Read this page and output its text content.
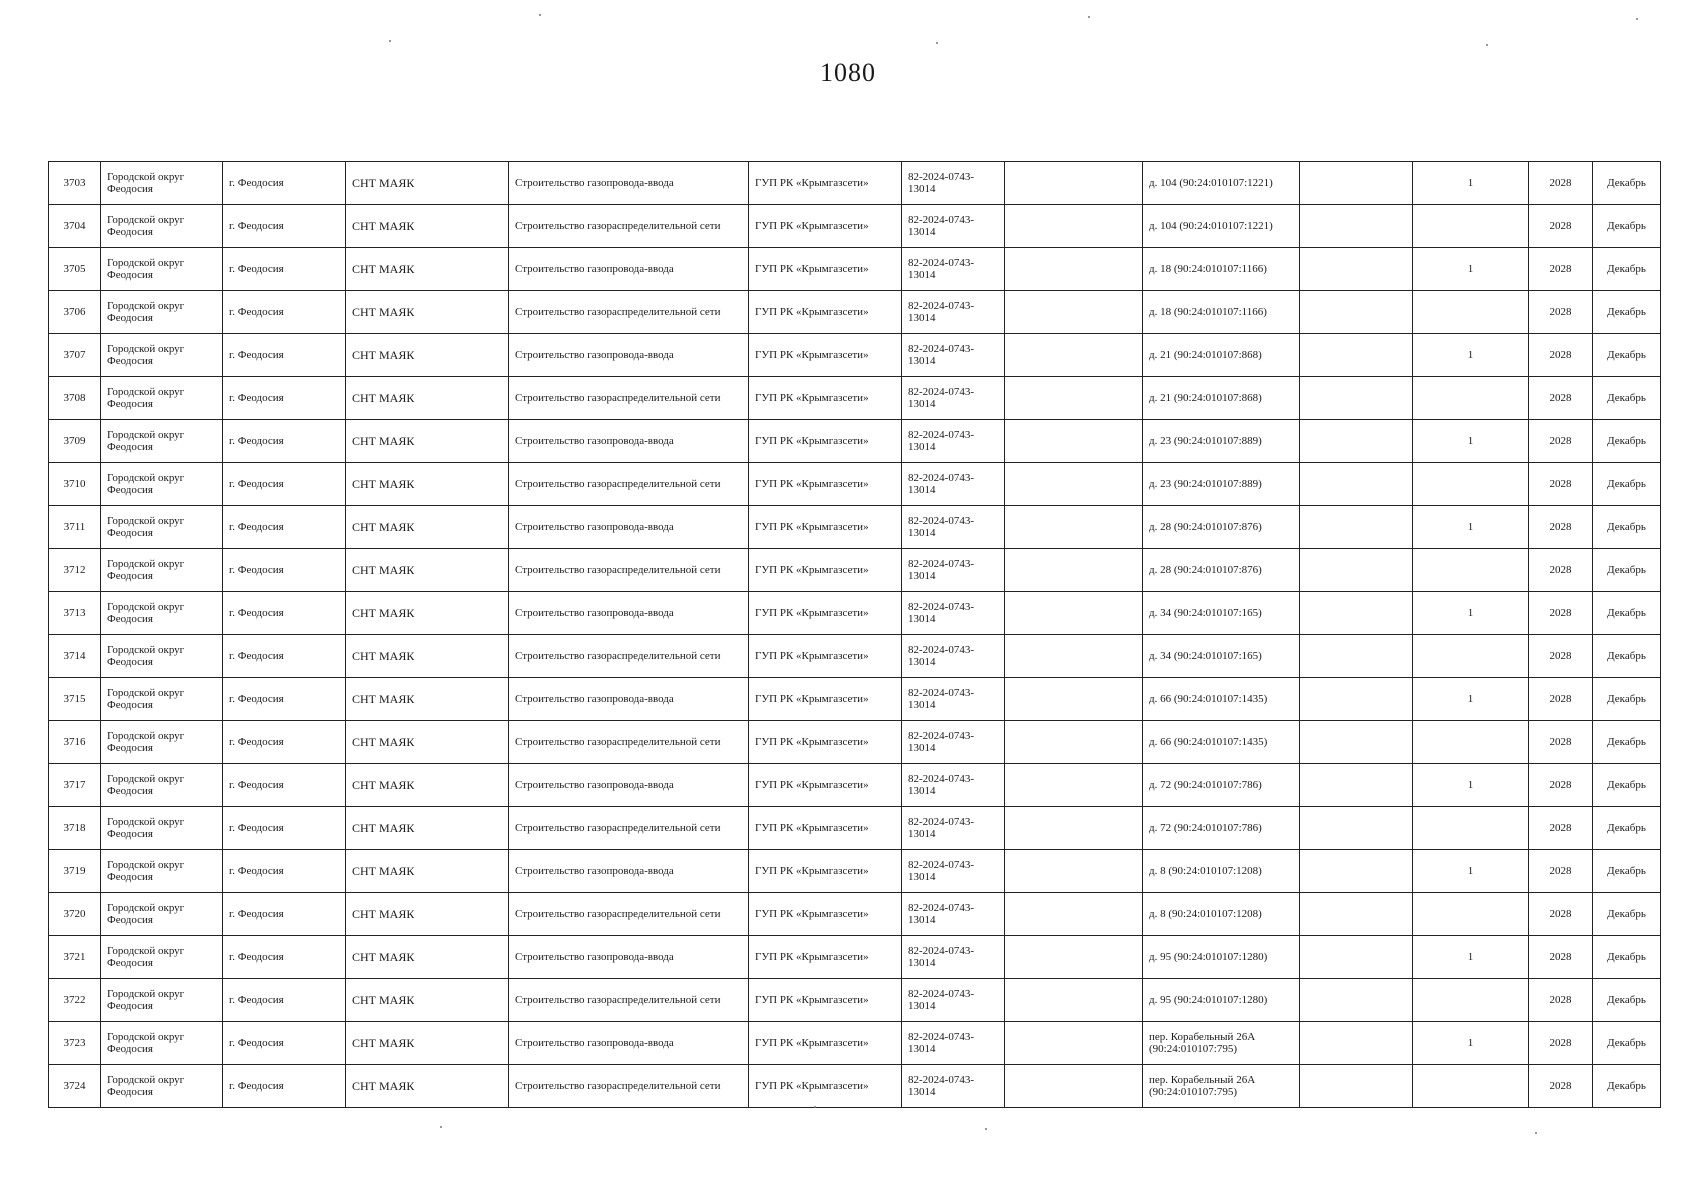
1080
3703	Городской округ Феодосия	г. Феодосия	СНТ МАЯК	Строительство газопровода-ввода	ГУП РК «Крымгазсети»	82-2024-0743-13014		д. 104 (90:24:010107:1221)		1	2028	Декабрь
3704	Городской округ Феодосия	г. Феодосия	СНТ МАЯК	Строительство газораспределительной сети	ГУП РК «Крымгазсети»	82-2024-0743-13014		д. 104 (90:24:010107:1221)			2028	Декабрь
3705	Городской округ Феодосия	г. Феодосия	СНТ МАЯК	Строительство газопровода-ввода	ГУП РК «Крымгазсети»	82-2024-0743-13014		д. 18 (90:24:010107:1166)		1	2028	Декабрь
3706	Городской округ Феодосия	г. Феодосия	СНТ МАЯК	Строительство газораспределительной сети	ГУП РК «Крымгазсети»	82-2024-0743-13014		д. 18 (90:24:010107:1166)			2028	Декабрь
3707	Городской округ Феодосия	г. Феодосия	СНТ МАЯК	Строительство газопровода-ввода	ГУП РК «Крымгазсети»	82-2024-0743-13014		д. 21 (90:24:010107:868)		1	2028	Декабрь
3708	Городской округ Феодосия	г. Феодосия	СНТ МАЯК	Строительство газораспределительной сети	ГУП РК «Крымгазсети»	82-2024-0743-13014		д. 21 (90:24:010107:868)			2028	Декабрь
3709	Городской округ Феодосия	г. Феодосия	СНТ МАЯК	Строительство газопровода-ввода	ГУП РК «Крымгазсети»	82-2024-0743-13014		д. 23 (90:24:010107:889)		1	2028	Декабрь
3710	Городской округ Феодосия	г. Феодосия	СНТ МАЯК	Строительство газораспределительной сети	ГУП РК «Крымгазсети»	82-2024-0743-13014		д. 23 (90:24:010107:889)			2028	Декабрь
3711	Городской округ Феодосия	г. Феодосия	СНТ МАЯК	Строительство газопровода-ввода	ГУП РК «Крымгазсети»	82-2024-0743-13014		д. 28 (90:24:010107:876)		1	2028	Декабрь
3712	Городской округ Феодосия	г. Феодосия	СНТ МАЯК	Строительство газораспределительной сети	ГУП РК «Крымгазсети»	82-2024-0743-13014		д. 28 (90:24:010107:876)			2028	Декабрь
3713	Городской округ Феодосия	г. Феодосия	СНТ МАЯК	Строительство газопровода-ввода	ГУП РК «Крымгазсети»	82-2024-0743-13014		д. 34 (90:24:010107:165)		1	2028	Декабрь
3714	Городской округ Феодосия	г. Феодосия	СНТ МАЯК	Строительство газораспределительной сети	ГУП РК «Крымгазсети»	82-2024-0743-13014		д. 34 (90:24:010107:165)			2028	Декабрь
3715	Городской округ Феодосия	г. Феодосия	СНТ МАЯК	Строительство газопровода-ввода	ГУП РК «Крымгазсети»	82-2024-0743-13014		д. 66 (90:24:010107:1435)		1	2028	Декабрь
3716	Городской округ Феодосия	г. Феодосия	СНТ МАЯК	Строительство газораспределительной сети	ГУП РК «Крымгазсети»	82-2024-0743-13014		д. 66 (90:24:010107:1435)			2028	Декабрь
3717	Городской округ Феодосия	г. Феодосия	СНТ МАЯК	Строительство газопровода-ввода	ГУП РК «Крымгазсети»	82-2024-0743-13014		д. 72 (90:24:010107:786)		1	2028	Декабрь
3718	Городской округ Феодосия	г. Феодосия	СНТ МАЯК	Строительство газораспределительной сети	ГУП РК «Крымгазсети»	82-2024-0743-13014		д. 72 (90:24:010107:786)			2028	Декабрь
3719	Городской округ Феодосия	г. Феодосия	СНТ МАЯК	Строительство газопровода-ввода	ГУП РК «Крымгазсети»	82-2024-0743-13014		д. 8 (90:24:010107:1208)		1	2028	Декабрь
3720	Городской округ Феодосия	г. Феодосия	СНТ МАЯК	Строительство газораспределительной сети	ГУП РК «Крымгазсети»	82-2024-0743-13014		д. 8 (90:24:010107:1208)			2028	Декабрь
3721	Городской округ Феодосия	г. Феодосия	СНТ МАЯК	Строительство газопровода-ввода	ГУП РК «Крымгазсети»	82-2024-0743-13014		д. 95 (90:24:010107:1280)		1	2028	Декабрь
3722	Городской округ Феодосия	г. Феодосия	СНТ МАЯК	Строительство газораспределительной сети	ГУП РК «Крымгазсети»	82-2024-0743-13014		д. 95 (90:24:010107:1280)			2028	Декабрь
3723	Городской округ Феодосия	г. Феодосия	СНТ МАЯК	Строительство газопровода-ввода	ГУП РК «Крымгазсети»	82-2024-0743-13014		пер. Корабельный 26А (90:24:010107:795)		1	2028	Декабрь
3724	Городской округ Феодосия	г. Феодосия	СНТ МАЯК	Строительство газораспределительной сети	ГУП РК «Крымгазсети»	82-2024-0743-13014		пер. Корабельный 26А (90:24:010107:795)			2028	Декабрь
